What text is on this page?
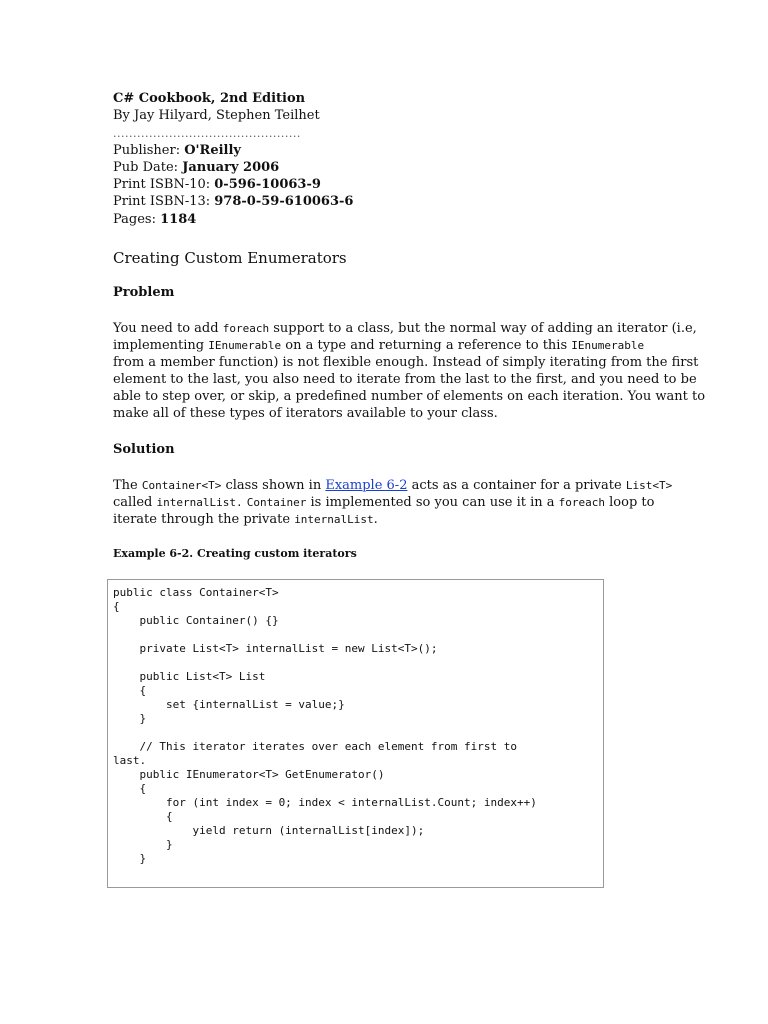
C# Cookbook, 2nd Edition
By Jay Hilyard, Stephen Teilhet
...............................................
Publisher: O'Reilly
Pub Date: January 2006
Print ISBN-10: 0-596-10063-9
Print ISBN-13: 978-0-59-610063-6
Pages: 1184
Creating Custom Enumerators
Problem
You need to add foreach support to a class, but the normal way of adding an iterator (i.e,
implementing IEnumerable on a type and returning a reference to this IEnumerable
from a member function) is not flexible enough. Instead of simply iterating from the first
element to the last, you also need to iterate from the last to the first, and you need to be
able to step over, or skip, a predefined number of elements on each iteration. You want to
make all of these types of iterators available to your class.
Solution
The Container<T> class shown in Example 6-2 acts as a container for a private List<T>
called internalList. Container is implemented so you can use it in a foreach loop to
iterate through the private internalList.
Example 6-2. Creating custom iterators
public class Container<T>
{
public Container() {}

private List<T> internalList = new List<T>();

public List<T> List
{
set {internalList = value;}
}

// This iterator iterates over each element from first to
last.
public IEnumerator<T> GetEnumerator()
{
for (int index = 0; index < internalList.Count; index++)
{
yield return (internalList[index]);
}
}
